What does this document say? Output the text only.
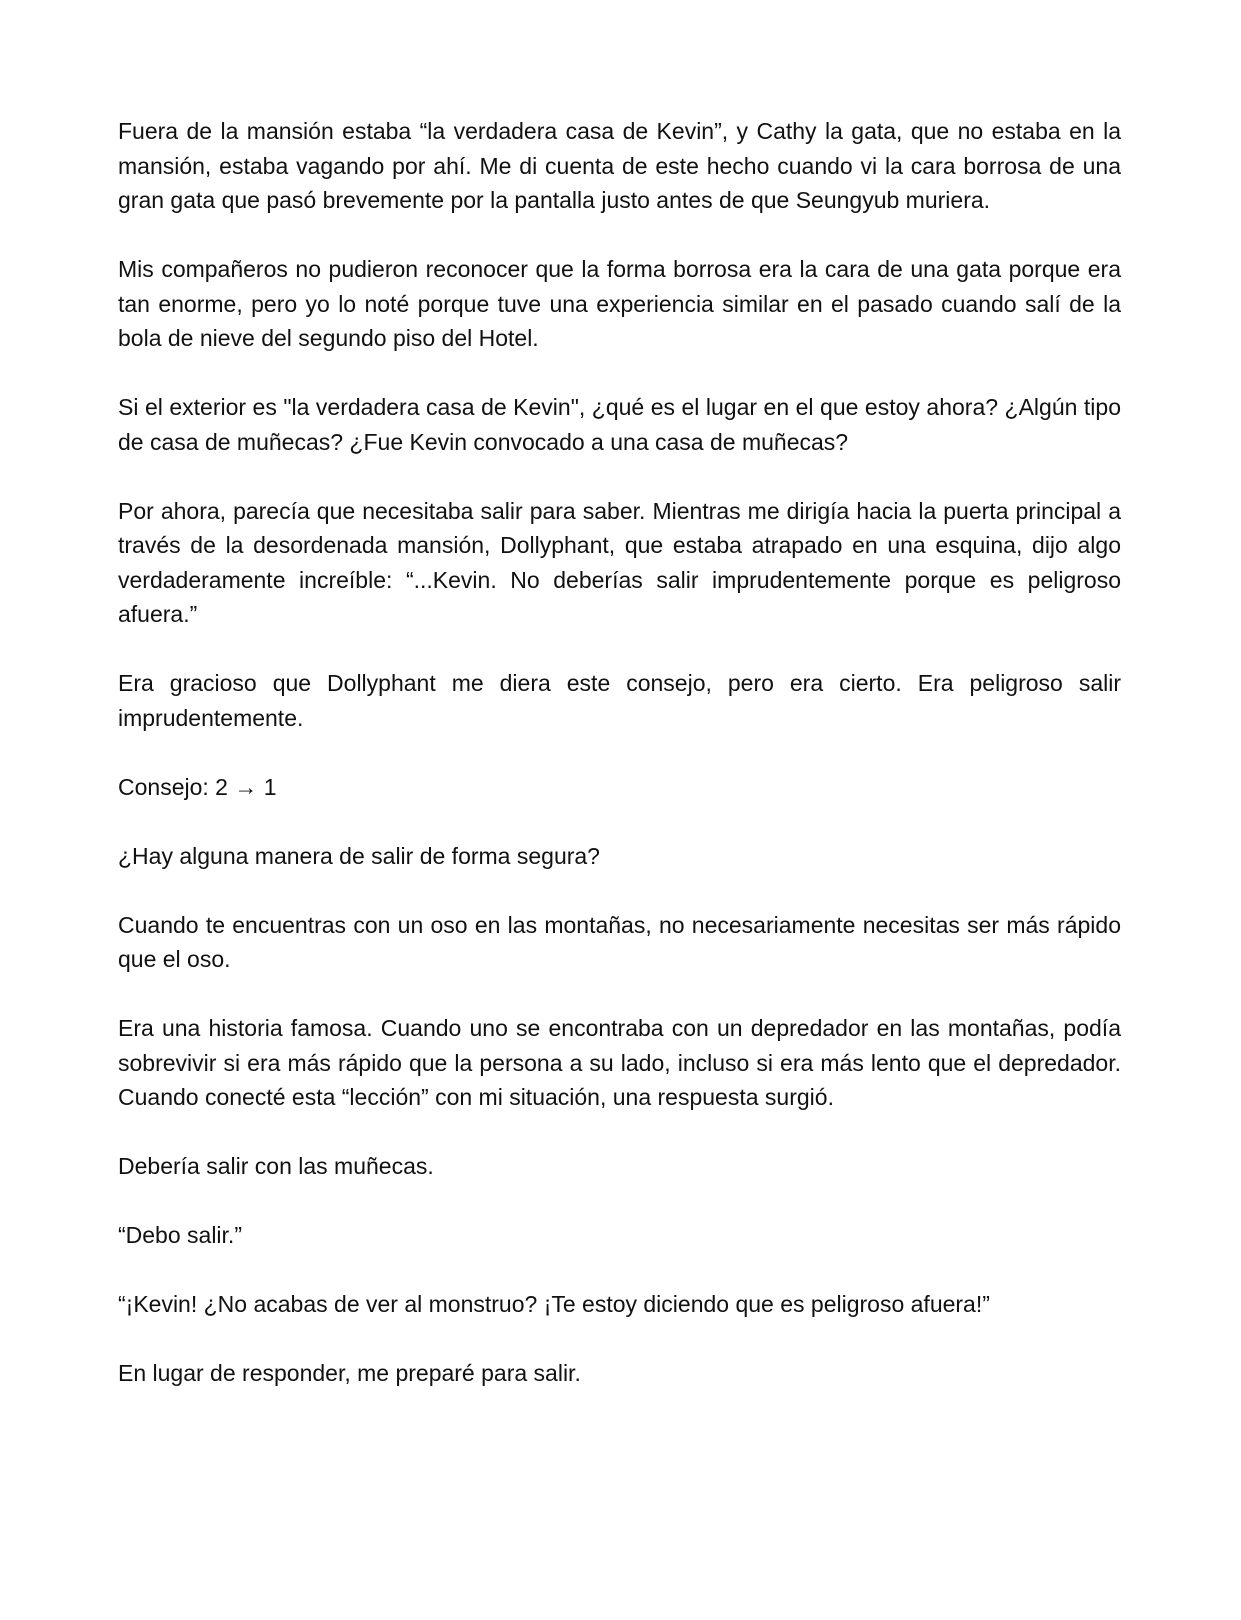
Fuera de la mansión estaba “la verdadera casa de Kevin”, y Cathy la gata, que no estaba en la mansión, estaba vagando por ahí. Me di cuenta de este hecho cuando vi la cara borrosa de una gran gata que pasó brevemente por la pantalla justo antes de que Seungyub muriera.

Mis compañeros no pudieron reconocer que la forma borrosa era la cara de una gata porque era tan enorme, pero yo lo noté porque tuve una experiencia similar en el pasado cuando salí de la bola de nieve del segundo piso del Hotel.

Si el exterior es "la verdadera casa de Kevin", ¿qué es el lugar en el que estoy ahora? ¿Algún tipo de casa de muñecas? ¿Fue Kevin convocado a una casa de muñecas?

Por ahora, parecía que necesitaba salir para saber. Mientras me dirigía hacia la puerta principal a través de la desordenada mansión, Dollyphant, que estaba atrapado en una esquina, dijo algo verdaderamente increíble: “...Kevin. No deberías salir imprudentemente porque es peligroso afuera.”

Era gracioso que Dollyphant me diera este consejo, pero era cierto. Era peligroso salir imprudentemente.

Consejo: 2 → 1

¿Hay alguna manera de salir de forma segura?

Cuando te encuentras con un oso en las montañas, no necesariamente necesitas ser más rápido que el oso.

Era una historia famosa. Cuando uno se encontraba con un depredador en las montañas, podía sobrevivir si era más rápido que la persona a su lado, incluso si era más lento que el depredador. Cuando conecté esta “lección” con mi situación, una respuesta surgió.

Debería salir con las muñecas.

“Debo salir.”

“¡Kevin! ¿No acabas de ver al monstruo? ¡Te estoy diciendo que es peligroso afuera!”

En lugar de responder, me preparé para salir.
